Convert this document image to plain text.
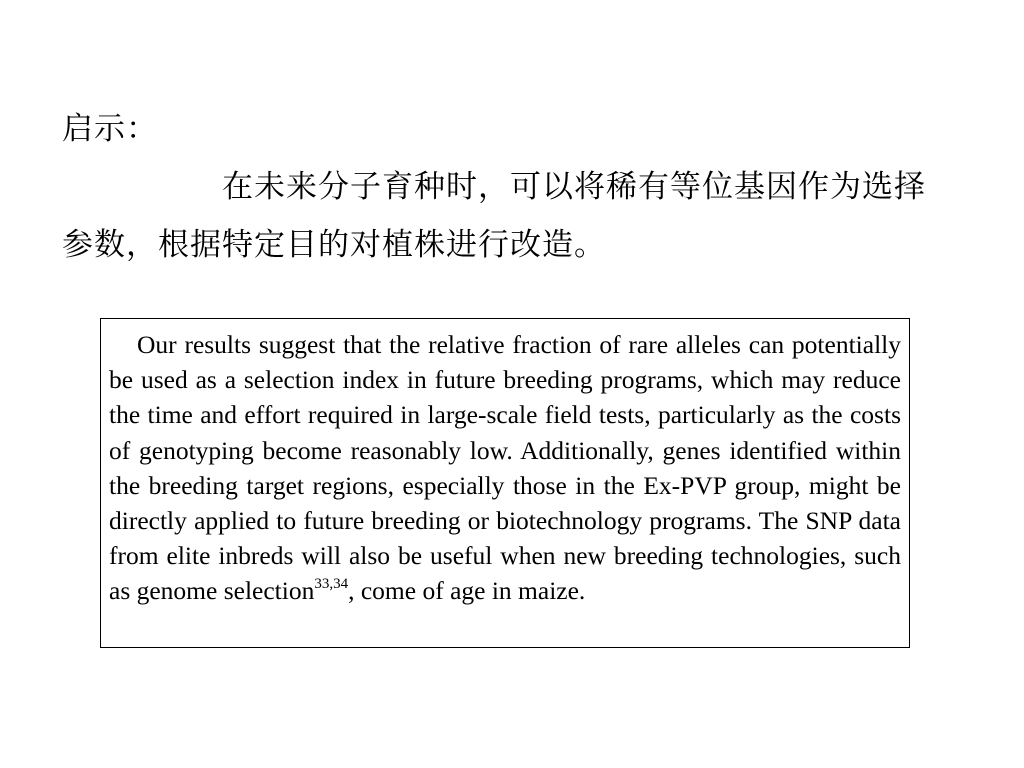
启示：
在未来分子育种时，可以将稀有等位基因作为选择参数，根据特定目的对植株进行改造。

Our results suggest that the relative fraction of rare alleles can potentially be used as a selection index in future breeding programs, which may reduce the time and effort required in large-scale field tests, particularly as the costs of genotyping become reasonably low. Additionally, genes identified within the breeding target regions, especially those in the Ex-PVP group, might be directly applied to future breeding or biotechnology programs. The SNP data from elite inbreds will also be useful when new breeding technologies, such as genome selection$^{33,34}$, come of age in maize.
